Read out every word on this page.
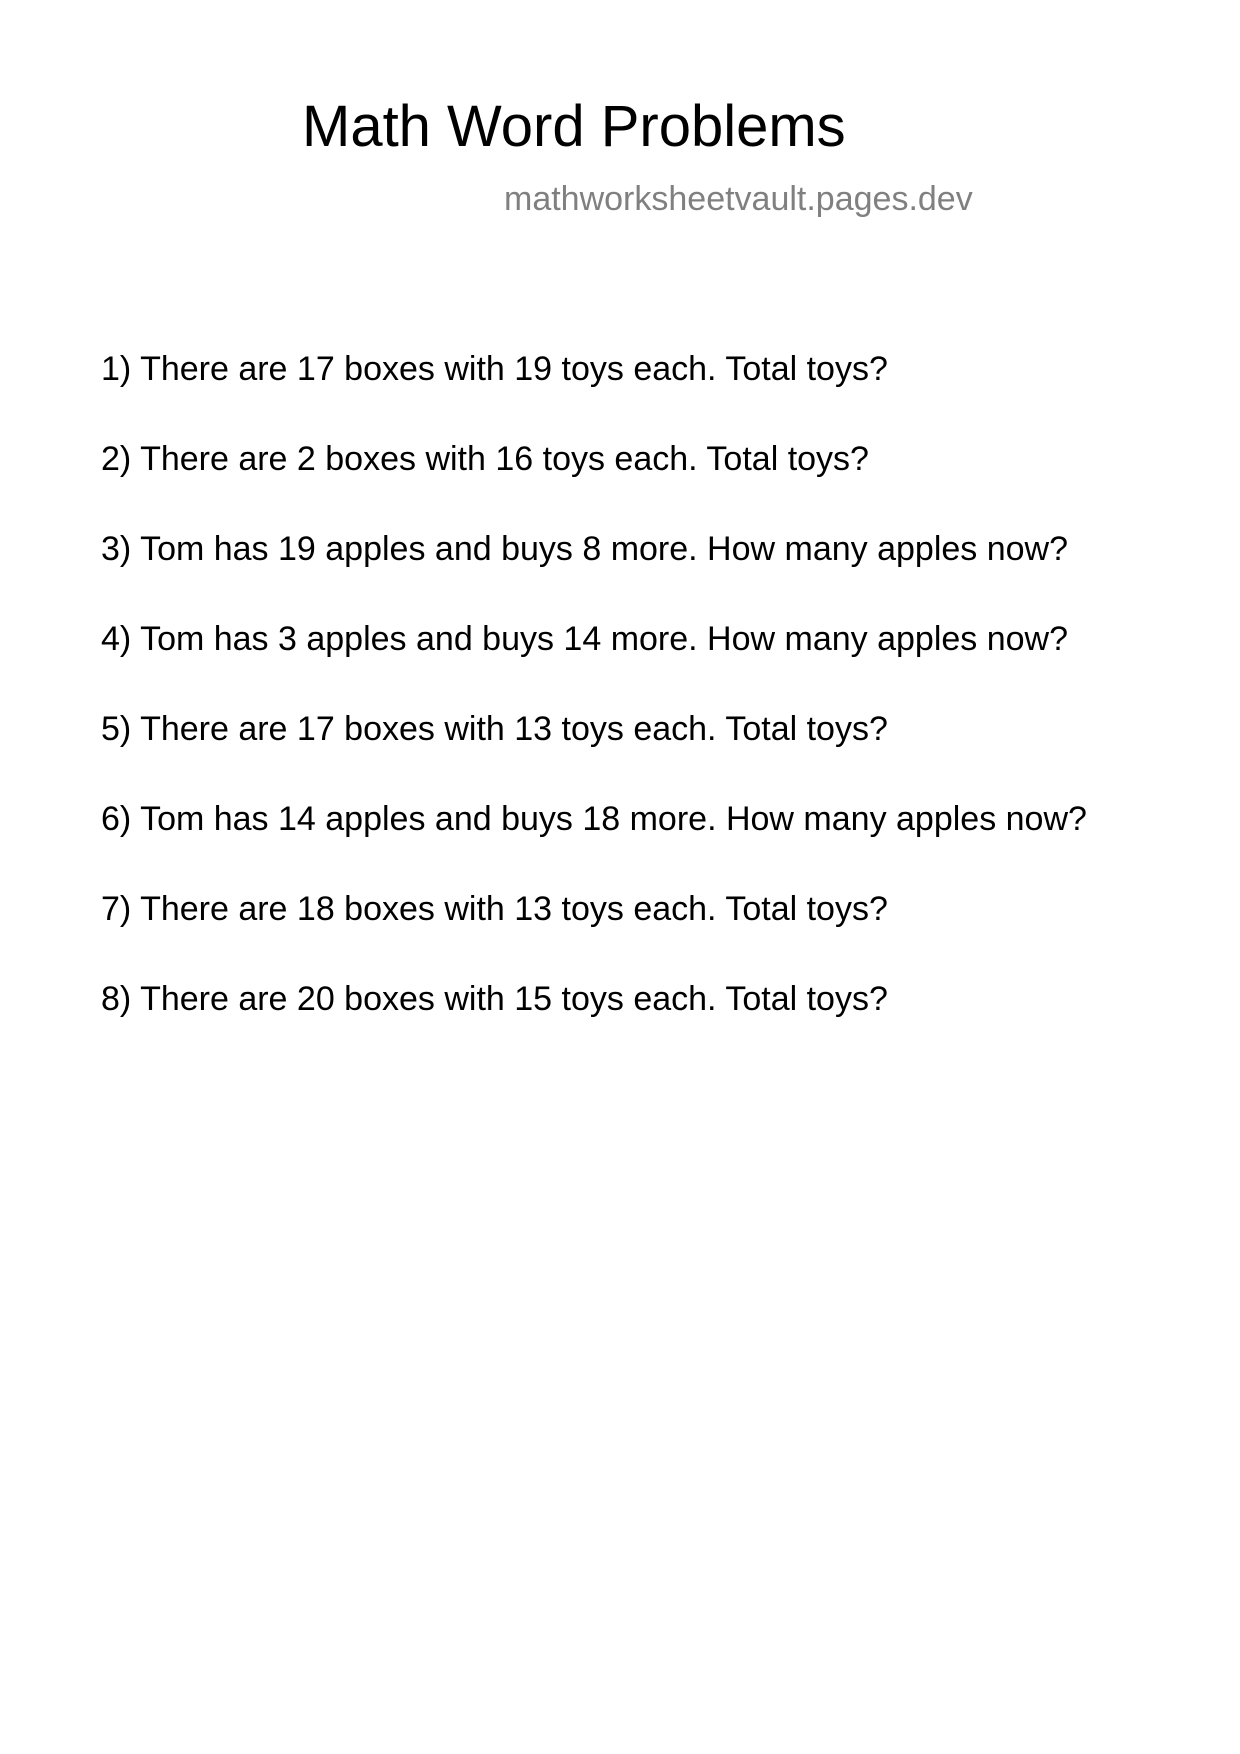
Math Word Problems
mathworksheetvault.pages.dev
1) There are 17 boxes with 19 toys each. Total toys?
2) There are 2 boxes with 16 toys each. Total toys?
3) Tom has 19 apples and buys 8 more. How many apples now?
4) Tom has 3 apples and buys 14 more. How many apples now?
5) There are 17 boxes with 13 toys each. Total toys?
6) Tom has 14 apples and buys 18 more. How many apples now?
7) There are 18 boxes with 13 toys each. Total toys?
8) There are 20 boxes with 15 toys each. Total toys?
